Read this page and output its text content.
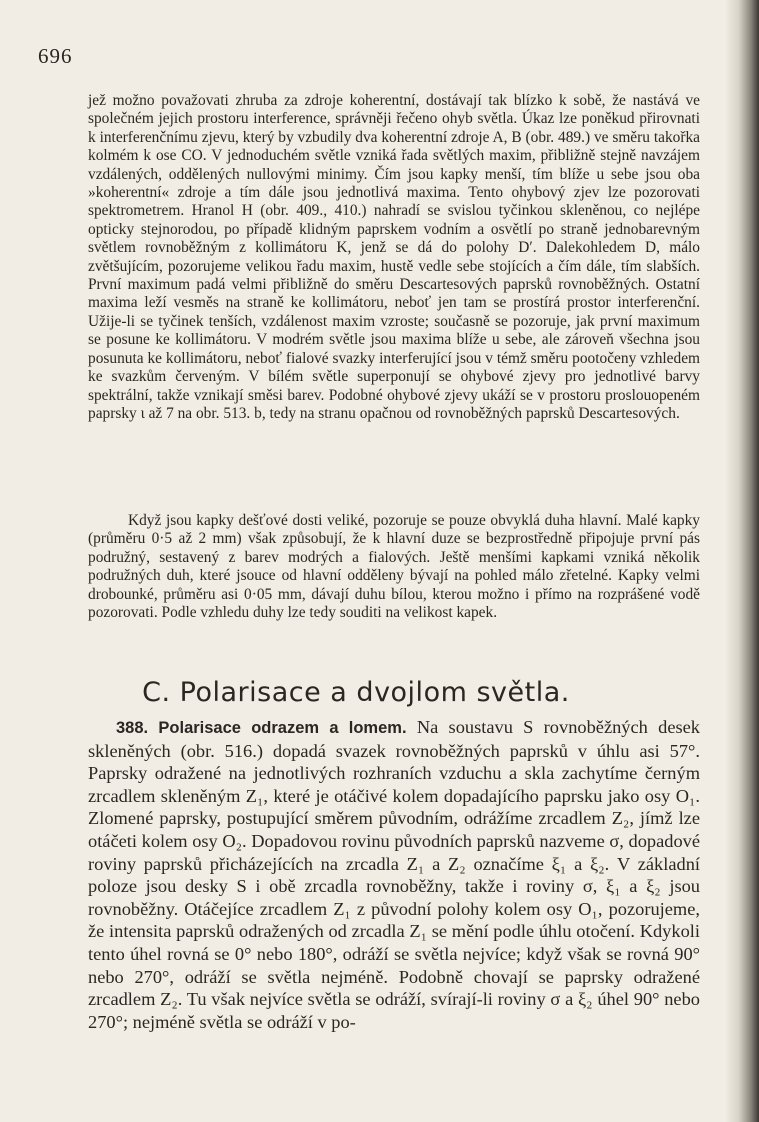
696

jež možno považovati zhruba za zdroje koherentní, dostávají tak blízko k sobě, že nastává ve společném jejich prostoru interference, správněji řečeno ohyb světla. Úkaz lze poněkud přirovnati k interferenčnímu zjevu, který by vzbudily dva koherentní zdroje A, B (obr. 489.) ve směru takořka kolmém k ose CO. V jednoduchém světle vzniká řada světlých maxim, přibližně stejně navzájem vzdálených, oddělených nullovými minimy. Čím jsou kapky menší, tím blíže u sebe jsou oba »koherentní« zdroje a tím dále jsou jednotlivá maxima. Tento ohybový zjev lze pozorovati spektrometrem. Hranol H (obr. 409., 410.) nahradí se svislou tyčinkou skleněnou, co nejlépe opticky stejnorodou, po případě klidným paprskem vodním a osvětlí po straně jednobarevným světlem rovnoběžným z kollimátoru K, jenž se dá do polohy D′. Dalekohledem D, málo zvětšujícím, pozorujeme velikou řadu maxim, hustě vedle sebe stojících a čím dále, tím slabších. První maximum padá velmi přibližně do směru Descartesových paprsků rovnoběžných. Ostatní maxima leží vesměs na straně ke kollimátoru, neboť jen tam se prostírá prostor interferenční. Užije-li se tyčinek tenších, vzdálenost maxim vzroste; současně se pozoruje, jak první maximum se posune ke kollimátoru. V modrém světle jsou maxima blíže u sebe, ale zároveň všechna jsou posunuta ke kollimátoru, neboť fialové svazky interferující jsou v témž směru pootočeny vzhledem ke svazkům červeným. V bílém světle superponují se ohybové zjevy pro jednotlivé barvy spektrální, takže vznikají směsi barev. Podobné ohybové zjevy ukáží se v prostoru proslouopeném paprsky ι až 7 na obr. 513. b, tedy na stranu opačnou od rovnoběžných paprsků Descartesových.

Když jsou kapky dešťové dosti veliké, pozoruje se pouze obvyklá duha hlavní. Malé kapky (průměru 0·5 až 2 mm) však způsobují, že k hlavní duze se bezprostředně připojuje první pás podružný, sestavený z barev modrých a fialových. Ještě menšími kapkami vzniká několik podružných duh, které jsouce od hlavní odděleny bývají na pohled málo zřetelné. Kapky velmi drobounké, průměru asi 0·05 mm, dávají duhu bílou, kterou možno i přímo na rozprášené vodě pozorovati. Podle vzhledu duhy lze tedy souditi na velikost kapek.

C. Polarisace a dvojlom světla.

388. Polarisace odrazem a lomem. Na soustavu S rovnoběžných desek skleněných (obr. 516.) dopadá svazek rovnoběžných paprsků v úhlu asi 57°. Paprsky odražené na jednotlivých rozhraních vzduchu a skla zachytíme černým zrcadlem skleněným Z₁, které je otáčivé kolem dopadajícího paprsku jako osy O₁. Zlomené paprsky, postupující směrem původním, odrážíme zrcadlem Z₂, jímž lze otáčeti kolem osy O₂. Dopadovou rovinu původních paprsků nazveme σ, dopadové roviny paprsků přicházejících na zrcadla Z₁ a Z₂ označíme ξ₁ a ξ₂. V základní poloze jsou desky S i obě zrcadla rovnoběžny, takže i roviny σ, ξ₁ a ξ₂ jsou rovnoběžny. Otáčejíce zrcadlem Z₁ z původní polohy kolem osy O₁, pozorujeme, že intensita paprsků odražených od zrcadla Z₁ se mění podle úhlu otočení. Kdykoli tento úhel rovná se 0° nebo 180°, odráží se světla nejvíce; když však se rovná 90° nebo 270°, odráží se světla nejméně. Podobně chovají se paprsky odražené zrcadlem Z₂. Tu však nejvíce světla se odráží, svírají-li roviny σ a ξ₂ úhel 90° nebo 270°; nejméně světla se odráží v po-
